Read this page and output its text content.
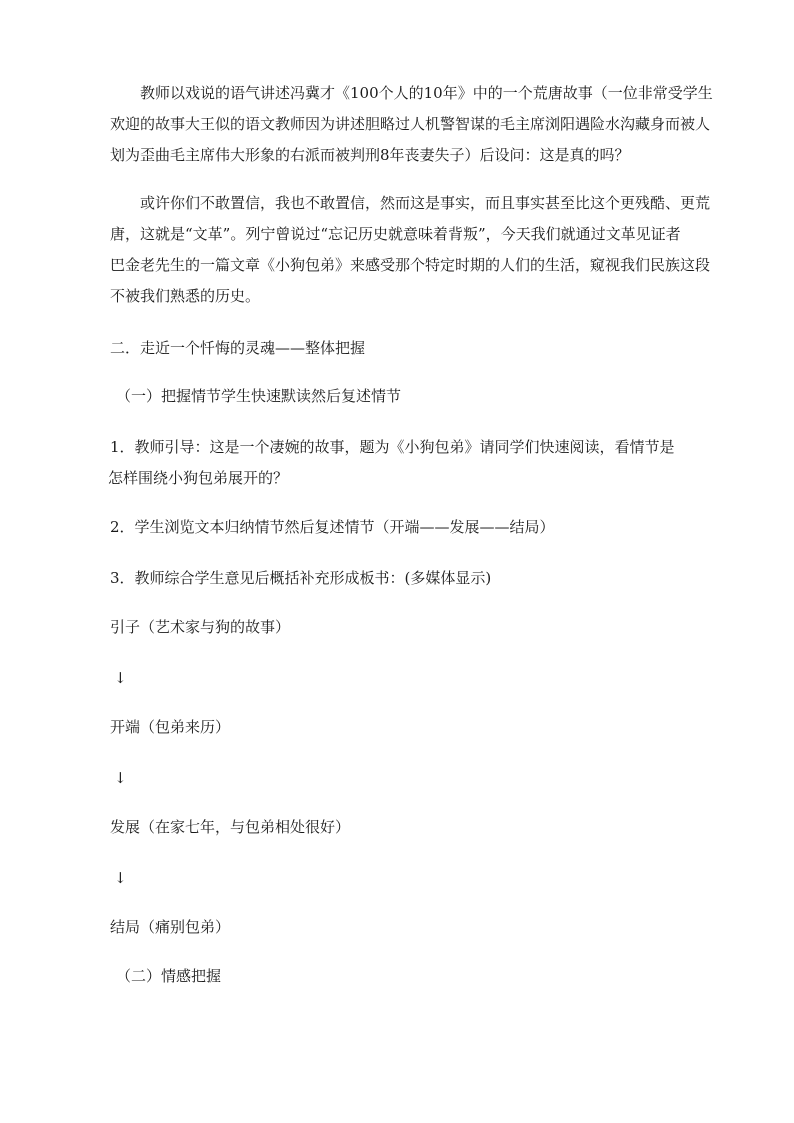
　　教师以戏说的语气讲述冯冀才《100个人的10年》中的一个荒唐故事（一位非常受学生
欢迎的故事大王似的语文教师因为讲述胆略过人机警智谋的毛主席浏阳遇险水沟藏身而被人
划为歪曲毛主席伟大形象的右派而被判刑8年丧妻失子）后设问：这是真的吗？

　　或许你们不敢置信，我也不敢置信，然而这是事实，而且事实甚至比这个更残酷、更荒
唐，这就是“文革”。列宁曾说过“忘记历史就意味着背叛”，今天我们就通过文革见证者
巴金老先生的一篇文章《小狗包弟》来感受那个特定时期的人们的生活，窥视我们民族这段
不被我们熟悉的历史。

二．走近一个忏悔的灵魂——整体把握

（一）把握情节学生快速默读然后复述情节

1．教师引导：这是一个凄婉的故事，题为《小狗包弟》请同学们快速阅读，看情节是
怎样围绕小狗包弟展开的？

2．学生浏览文本归纳情节然后复述情节（开端——发展——结局）

3．教师综合学生意见后概括补充形成板书：(多媒体显示)

引子（艺术家与狗的故事）

↓

开端（包弟来历）

↓

发展（在家七年，与包弟相处很好）

↓

结局（痛别包弟）

（二）情感把握
